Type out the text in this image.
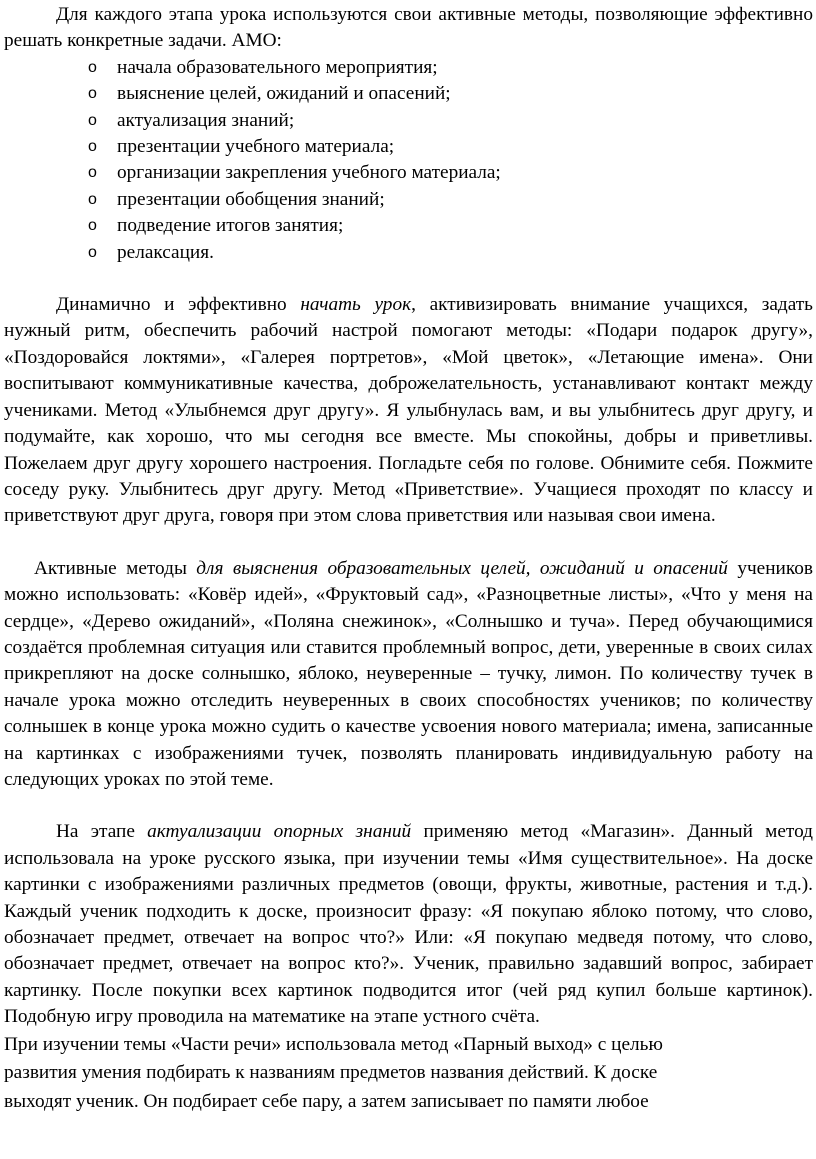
Для каждого этапа урока используются свои активные методы, позволяющие эффективно решать конкретные задачи. АМО:

o начала образовательного мероприятия;
o выяснение целей, ожиданий и опасений;
o актуализация знаний;
o презентации учебного материала;
o организации закрепления учебного материала;
o презентации обобщения знаний;
o подведение итогов занятия;
o релаксация.

Динамично и эффективно начать урок, активизировать внимание учащихся, задать нужный ритм, обеспечить рабочий настрой помогают методы: «Подари подарок другу», «Поздоровайся локтями», «Галерея портретов», «Мой цветок», «Летающие имена». Они воспитывают коммуникативные качества, доброжелательность, устанавливают контакт между учениками. Метод «Улыбнемся друг другу». Я улыбнулась вам, и вы улыбнитесь друг другу, и подумайте, как хорошо, что мы сегодня все вместе. Мы спокойны, добры и приветливы. Пожелаем друг другу хорошего настроения. Погладьте себя по голове. Обнимите себя. Пожмите соседу руку. Улыбнитесь друг другу. Метод «Приветствие». Учащиеся проходят по классу и приветствуют друг друга, говоря при этом слова приветствия или называя свои имена.

Активные методы для выяснения образовательных целей, ожиданий и опасений учеников можно использовать: «Ковёр идей», «Фруктовый сад», «Разноцветные листы», «Что у меня на сердце», «Дерево ожиданий», «Поляна снежинок», «Солнышко и туча». Перед обучающимися создаётся проблемная ситуация или ставится проблемный вопрос, дети, уверенные в своих силах прикрепляют на доске солнышко, яблоко, неуверенные – тучку, лимон. По количеству тучек в начале урока можно отследить неуверенных в своих способностях учеников; по количеству солнышек в конце урока можно судить о качестве усвоения нового материала; имена, записанные на картинках с изображениями тучек, позволять планировать индивидуальную работу на следующих уроках по этой теме.

На этапе актуализации опорных знаний применяю метод «Магазин». Данный метод использовала на уроке русского языка, при изучении темы «Имя существительное». На доске картинки с изображениями различных предметов (овощи, фрукты, животные, растения и т.д.). Каждый ученик подходить к доске, произносит фразу: «Я покупаю яблоко потому, что слово, обозначает предмет, отвечает на вопрос что?» Или: «Я покупаю медведя потому, что слово, обозначает предмет, отвечает на вопрос кто?». Ученик, правильно задавший вопрос, забирает картинку. После покупки всех картинок подводится итог (чей ряд купил больше картинок). Подобную игру проводила на математике на этапе устного счёта.

При изучении темы «Части речи» использовала метод «Парный выход» с целью

развития умения подбирать к названиям предметов названия действий. К доске

выходят ученик. Он подбирает себе пару, а затем записывает по памяти любое
